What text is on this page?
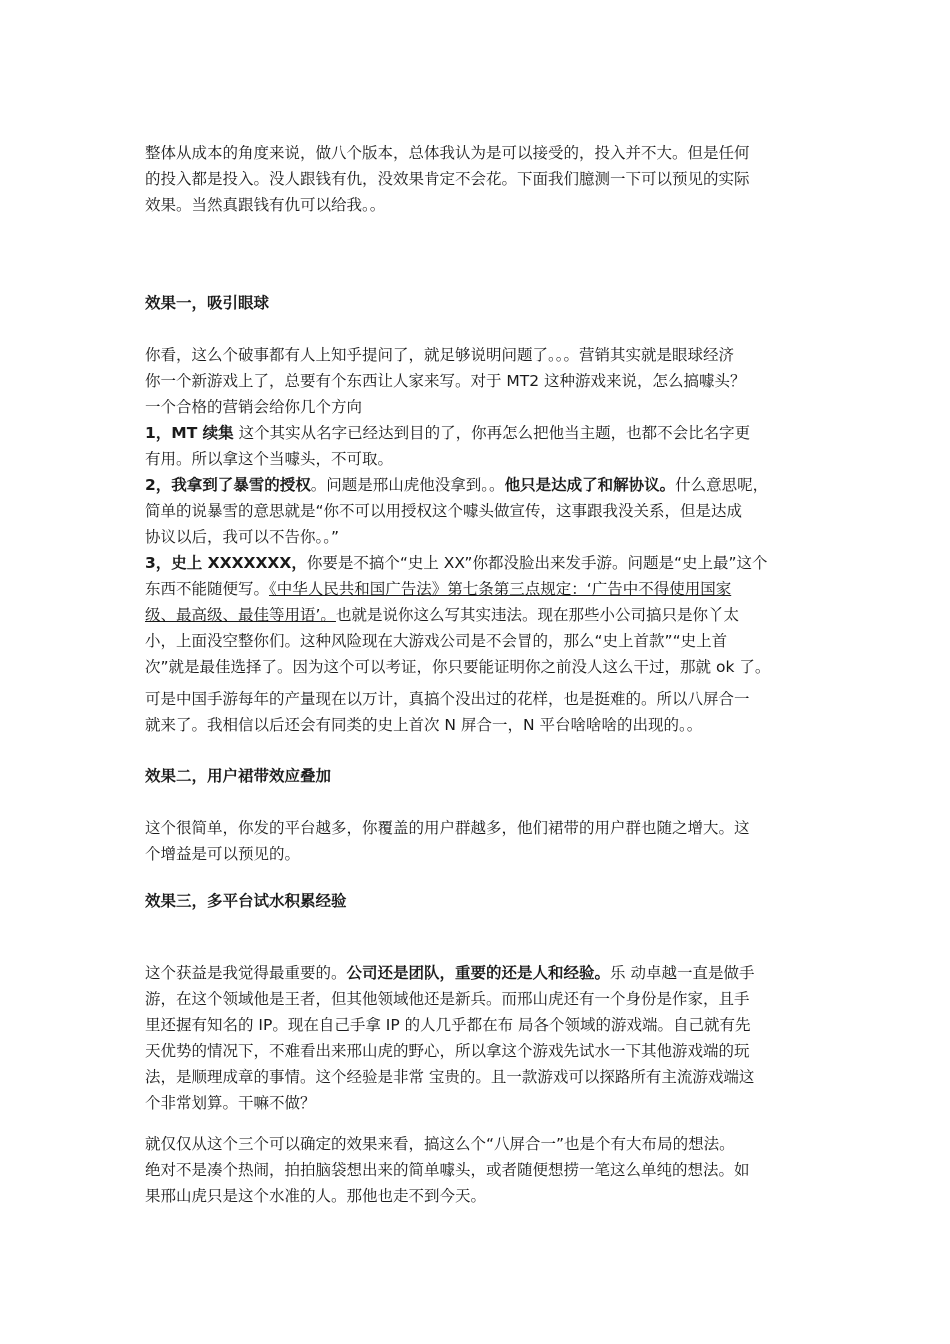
整体从成本的角度来说，做八个版本，总体我认为是可以接受的，投入并不大。但是任何
的投入都是投入。没人跟钱有仇，没效果肯定不会花。下面我们臆测一下可以预见的实际
效果。当然真跟钱有仇可以给我。。
效果一，吸引眼球
你看，这么个破事都有人上知乎提问了，就足够说明问题了。。。营销其实就是眼球经济
你一个新游戏上了，总要有个东西让人家来写。对于 MT2 这种游戏来说，怎么搞噱头？
一个合格的营销会给你几个方向
1，MT 续集 这个其实从名字已经达到目的了，你再怎么把他当主题，也都不会比名字更
有用。所以拿这个当噱头，不可取。
2，我拿到了暴雪的授权。问题是邢山虎他没拿到。。他只是达成了和解协议。什么意思呢，
简单的说暴雪的意思就是“你不可以用授权这个噱头做宣传，这事跟我没关系，但是达成
协议以后，我可以不告你。。”
3，史上 XXXXXXX，你要是不搞个“史上 XX”你都没脸出来发手游。问题是“史上最”这个
东西不能随便写。《中华人民共和国广告法》第七条第三点规定：‘广告中不得使用国家
级、最高级、最佳等用语’。也就是说你这么写其实违法。现在那些小公司搞只是你丫太
小，上面没空整你们。这种风险现在大游戏公司是不会冒的，那么“史上首款”“史上首
次”就是最佳选择了。因为这个可以考证，你只要能证明你之前没人这么干过，那就 ok 了。
可是中国手游每年的产量现在以万计，真搞个没出过的花样，也是挺难的。所以八屏合一
就来了。我相信以后还会有同类的史上首次 N 屏合一，N 平台啥啥啥的出现的。。
效果二，用户裙带效应叠加
这个很简单，你发的平台越多，你覆盖的用户群越多，他们裙带的用户群也随之增大。这
个增益是可以预见的。
效果三，多平台试水积累经验
这个获益是我觉得最重要的。公司还是团队，重要的还是人和经验。乐 动卓越一直是做手
游，在这个领域他是王者，但其他领域他还是新兵。而邢山虎还有一个身份是作家，且手
里还握有知名的 IP。现在自己手拿 IP 的人几乎都在布 局各个领域的游戏端。自己就有先
天优势的情况下，不难看出来邢山虎的野心，所以拿这个游戏先试水一下其他游戏端的玩
法，是顺理成章的事情。这个经验是非常 宝贵的。且一款游戏可以探路所有主流游戏端这
个非常划算。干嘛不做？
就仅仅从这个三个可以确定的效果来看，搞这么个“八屏合一”也是个有大布局的想法。
绝对不是凑个热闹，拍拍脑袋想出来的简单噱头，或者随便想捞一笔这么单纯的想法。如
果邢山虎只是这个水准的人。那他也走不到今天。
